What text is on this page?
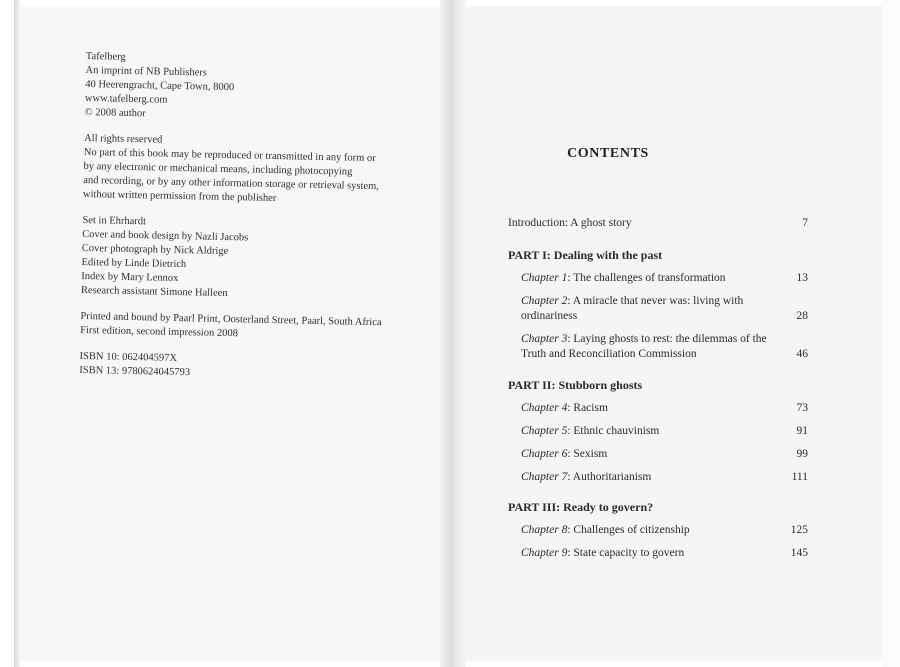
Tafelberg
An imprint of NB Publishers
40 Heerengracht, Cape Town, 8000
www.tafelberg.com
© 2008 author
All rights reserved
No part of this book may be reproduced or transmitted in any form or
by any electronic or mechanical means, including photocopying
and recording, or by any other information storage or retrieval system,
without written permission from the publisher
Set in Ehrhardt
Cover and book design by Nazli Jacobs
Cover photograph by Nick Aldrige
Edited by Linde Dietrich
Index by Mary Lennox
Research assistant Simone Halleen
Printed and bound by Paarl Print, Oosterland Street, Paarl, South Africa
First edition, second impression 2008
ISBN 10: 062404597X
ISBN 13: 9780624045793
CONTENTS
Introduction: A ghost story	7
PART I: Dealing with the past
Chapter 1: The challenges of transformation	13
Chapter 2: A miracle that never was: living with ordinariness	28
Chapter 3: Laying ghosts to rest: the dilemmas of the Truth and Reconciliation Commission	46
PART II: Stubborn ghosts
Chapter 4: Racism	73
Chapter 5: Ethnic chauvinism	91
Chapter 6: Sexism	99
Chapter 7: Authoritarianism	111
PART III: Ready to govern?
Chapter 8: Challenges of citizenship	125
Chapter 9: State capacity to govern	145
